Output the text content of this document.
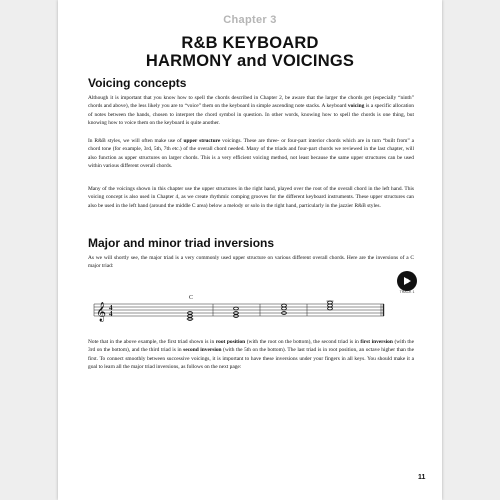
Chapter 3
R&B KEYBOARD
HARMONY and VOICINGS
Voicing concepts

Although it is important that you know how to spell the chords described in Chapter 2, be aware that the larger the chords get (especially “ninth” chords and above), the less likely you are to “voice” them on the keyboard in simple ascending note stacks. A keyboard voicing is a specific allocation of notes between the hands, chosen to interpret the chord symbol in question. In other words, knowing how to spell the chords is one thing, but knowing how to voice them on the keyboard is quite another.

In R&B styles, we will often make use of upper structure voicings. These are three- or four-part interior chords which are in turn “built from” a chord tone (for example, 3rd, 5th, 7th etc.) of the overall chord needed. Many of the triads and four-part chords we reviewed in the last chapter, will also function as upper structures on larger chords. This is a very efficient voicing method, not least because the same upper structures can be used within various different overall chords.

Many of the voicings shown in this chapter use the upper structures in the right hand, played over the root of the overall chord in the left hand. This voicing concept is also used in Chapter 4, as we create rhythmic comping grooves for the different keyboard instruments. These upper structures can also be used in the left hand (around the middle C area) below a melody or solo in the right hand, particularly in the jazzier R&B styles.

Major and minor triad inversions

As we will shortly see, the major triad is a very commonly used upper structure on various different overall chords. Here are the inversions of a C major triad:

TRACK 1
C
𝄞 4
4

Note that in the above example, the first triad shown is in root position (with the root on the bottom), the second triad is in first inversion (with the 3rd on the bottom), and the third triad is in second inversion (with the 5th on the bottom). The last triad is in root position, an octave higher than the first. To connect smoothly between successive voicings, it is important to have these inversions under your fingers in all keys. You should make it a goal to learn all the major triad inversions, as follows on the next page:

11
